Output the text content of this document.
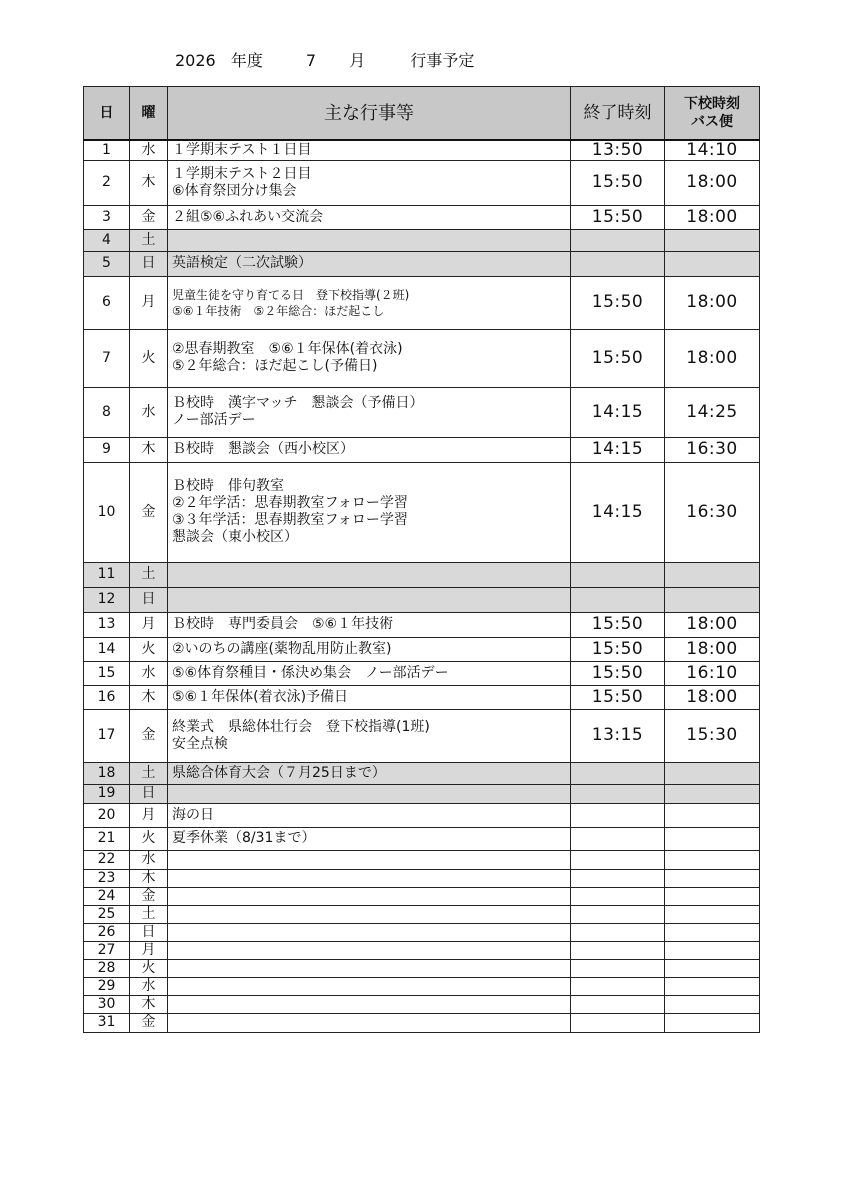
2026 年度	7 月	行事予定
日	曜	主な行事等	終了時刻	下校時刻
バス便

1	水	１学期末テスト１日目	13:50	14:10
2	木	１学期末テスト２日目
⑥体育祭団分け集会	15:50	18:00
3	金	２組⑤⑥ふれあい交流会	15:50	18:00
4	土			
5	日	英語検定（二次試験）		

6	月	児童生徒を守り育てる日　登下校指導(２班)
⑤⑥１年技術　⑤２年総合：ほだ起こし	15:50	18:00
7	火	②思春期教室　⑤⑥１年保体(着衣泳)
⑤２年総合：ほだ起こし(予備日)	15:50	18:00
8	水	Ｂ校時　漢字マッチ　懇談会（予備日）
ノー部活デー	14:15	14:25
9	木	Ｂ校時　懇談会（西小校区）	14:15	16:30
10	金	Ｂ校時　俳句教室
②２年学活：思春期教室フォロー学習
③３年学活：思春期教室フォロー学習
懇談会（東小校区）	14:15	16:30
11	土			
12	日			
13	月	Ｂ校時　専門委員会　⑤⑥１年技術	15:50	18:00
14	火	②いのちの講座(薬物乱用防止教室)	15:50	18:00
15	水	⑤⑥体育祭種目・係決め集会　ノー部活デー	15:50	16:10
16	木	⑤⑥１年保体(着衣泳)予備日	15:50	18:00
17	金	終業式　県総体壮行会　登下校指導(1班)
安全点検	13:15	15:30
18	土	県総合体育大会（７月25日まで）		

19	日			
20	月	海の日		

21	火	夏季休業（8/31まで）		

22	水			
23	木			
24	金			
25	土			
26	日			
27	月			
28	火			
29	水			
30	木			
31	金			
